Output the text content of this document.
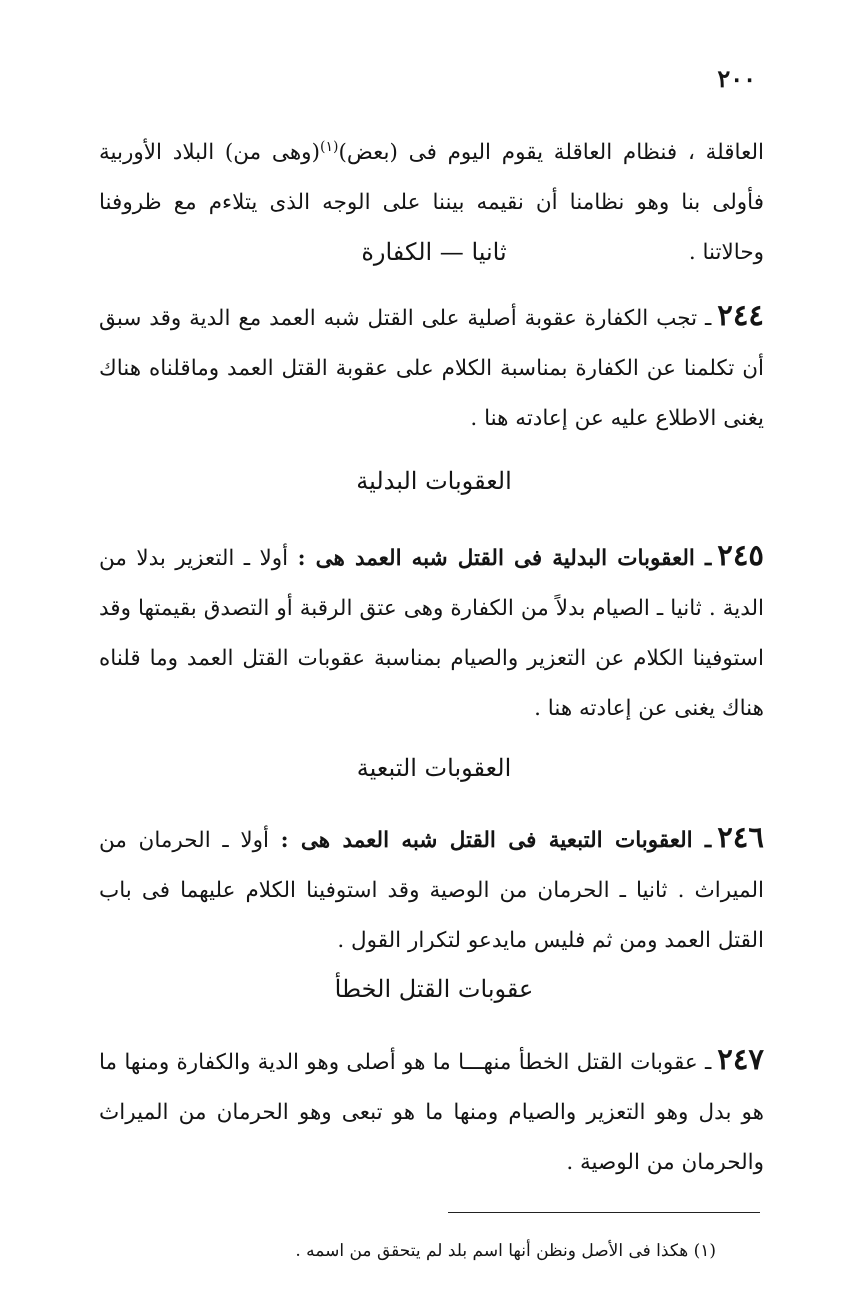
٢٠٠

العاقلة ، فنظام العاقلة يقوم اليوم فى (بعض)$^{(١)}$(وهى من) البلاد الأوربية فأولى بنا وهو نظامنا أن نقيمه بيننا على الوجه الذى يتلاءم مع ظروفنا وحالاتنا .

ثانيا — الكفارة

٢٤٤ـ تجب الكفارة عقوبة أصلية على القتل شبه العمد مع الدية وقد سبق أن تكلمنا عن الكفارة بمناسبة الكلام على عقوبة القتل العمد وماقلناه هناك يغنى الاطلاع عليه عن إعادته هنا .

العقوبات البدلية

٢٤٥ـ العقوبات البدلية فى القتل شبه العمد هى : أولا ـ التعزير بدلا من الدية . ثانيا ـ الصيام بدلاً من الكفارة وهى عتق الرقبة أو التصدق بقيمتها وقد استوفينا الكلام عن التعزير والصيام بمناسبة عقوبات القتل العمد وما قلناه هناك يغنى عن إعادته هنا .

العقوبات التبعية

٢٤٦ـ العقوبات التبعية فى القتل شبه العمد هى : أولا ـ الحرمان من الميراث . ثانيا ـ الحرمان من الوصية وقد استوفينا الكلام عليهما فى باب القتل العمد ومن ثم فليس مايدعو لتكرار القول .

عقوبات القتل الخطأ

٢٤٧ـ عقوبات القتل الخطأ منهـــا ما هو أصلى وهو الدية والكفارة ومنها ما هو بدل وهو التعزير والصيام ومنها ما هو تبعى وهو الحرمان من الميراث والحرمان من الوصية .

(١) هكذا فى الأصل ونظن أنها اسم بلد لم يتحقق من اسمه .
